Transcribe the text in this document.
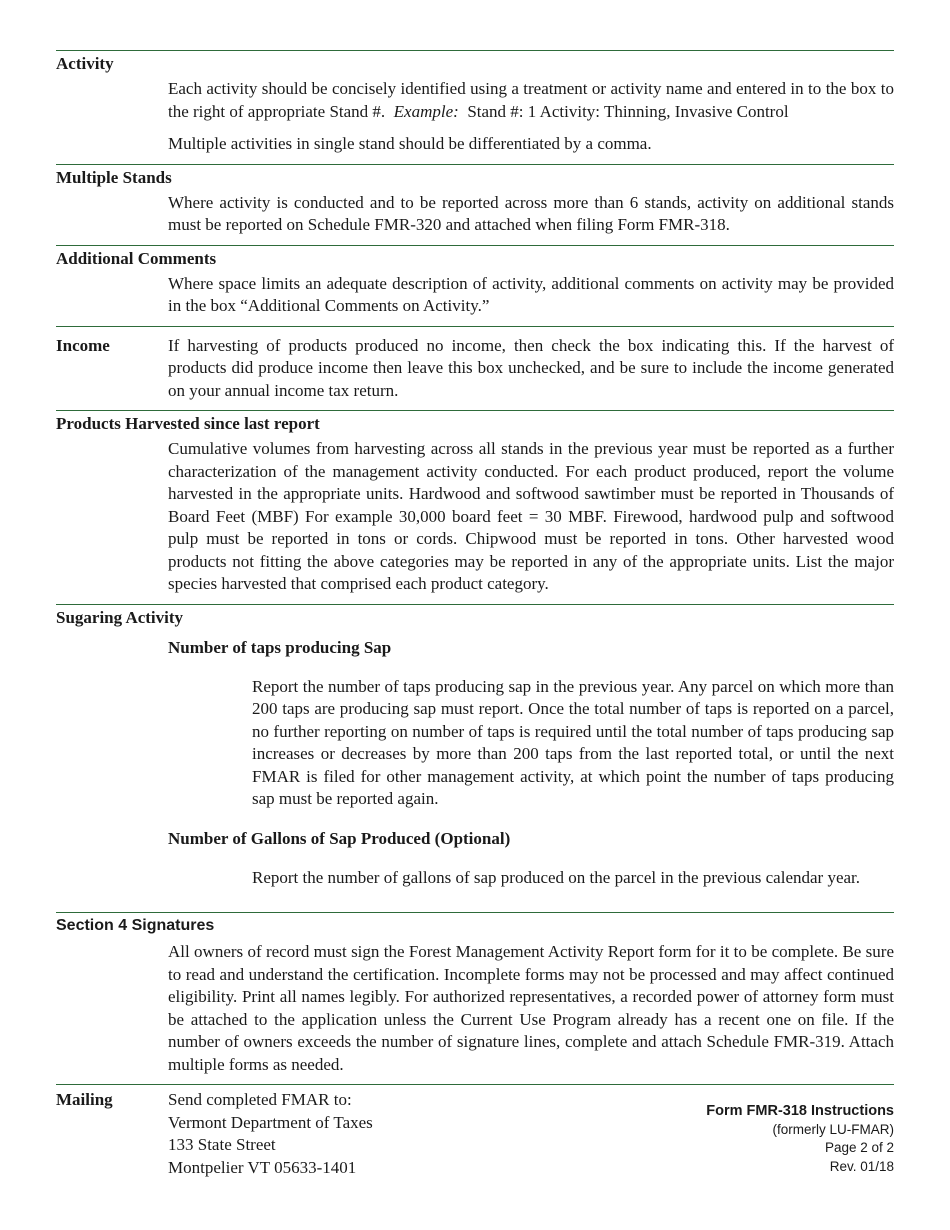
Activity

Each activity should be concisely identified using a treatment or activity name and entered in to the box to the right of appropriate Stand #. Example: Stand #: 1 Activity: Thinning, Invasive Control

Multiple activities in single stand should be differentiated by a comma.

Multiple Stands

Where activity is conducted and to be reported across more than 6 stands, activity on additional stands must be reported on Schedule FMR-320 and attached when filing Form FMR-318.

Additional Comments

Where space limits an adequate description of activity, additional comments on activity may be provided in the box “Additional Comments on Activity.”

Income	If harvesting of products produced no income, then check the box indicating this. If the harvest of products did produce income then leave this box unchecked, and be sure to include the income generated on your annual income tax return.

Products Harvested since last report

Cumulative volumes from harvesting across all stands in the previous year must be reported as a further characterization of the management activity conducted. For each product produced, report the volume harvested in the appropriate units. Hardwood and softwood sawtimber must be reported in Thousands of Board Feet (MBF) For example 30,000 board feet = 30 MBF. Firewood, hardwood pulp and softwood pulp must be reported in tons or cords. Chipwood must be reported in tons. Other harvested wood products not fitting the above categories may be reported in any of the appropriate units. List the major species harvested that comprised each product category.

Sugaring Activity
Number of taps producing Sap

Report the number of taps producing sap in the previous year. Any parcel on which more than 200 taps are producing sap must report. Once the total number of taps is reported on a parcel, no further reporting on number of taps is required until the total number of taps producing sap increases or decreases by more than 200 taps from the last reported total, or until the next FMAR is filed for other management activity, at which point the number of taps producing sap must be reported again.

Number of Gallons of Sap Produced (Optional)

Report the number of gallons of sap produced on the parcel in the previous calendar year.

Section 4 Signatures

All owners of record must sign the Forest Management Activity Report form for it to be complete. Be sure to read and understand the certification. Incomplete forms may not be processed and may affect continued eligibility. Print all names legibly. For authorized representatives, a recorded power of attorney form must be attached to the application unless the Current Use Program already has a recent one on file. If the number of owners exceeds the number of signature lines, complete and attach Schedule FMR-319. Attach multiple forms as needed.

Mailing	Send completed FMAR to:

Vermont Department of Taxes

133 State Street

Montpelier VT 05633-1401

Form FMR-318 Instructions
(formerly LU-FMAR)
Page 2 of 2
Rev. 01/18
